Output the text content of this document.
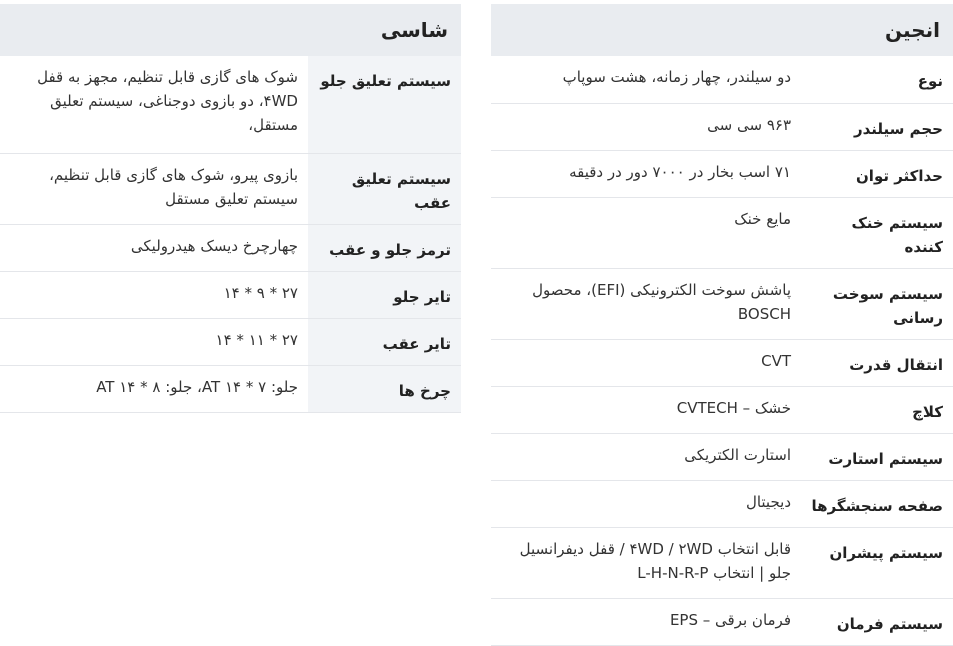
انجین
نوع	دو سیلندر، چهار زمانه، هشت سوپاپ
حجم سیلندر	۹۶۳ سی سی
حداکثر توان	۷۱ اسب بخار در ۷۰۰۰ دور در دقیقه
سیستم خنک کننده	مایع خنک
سیستم سوخت رسانی	پاشش سوخت الکترونیکی (EFI)، محصول BOSCH
انتقال قدرت	CVT
کلاچ	خشک – CVTECH
سیستم استارت	استارت الکتریکی
صفحه سنجشگرها	دیجیتال
سیستم پیشران	قابل انتخاب ۴WD / ۲WD / قفل دیفرانسیل جلو | انتخاب L-H-N-R-P
سیستم فرمان	فرمان برقی – EPS
شاسی
سیستم تعلیق جلو	شوک های گازی قابل تنظیم، مجهز به قفل ۴WD، دو بازوی دوجناغی، سیستم تعلیق مستقل،
سیستم تعلیق عقب	بازوی پیرو، شوک های گازی قابل تنظیم، سیستم تعلیق مستقل
ترمز جلو و عقب	چهارچرخ دیسک هیدرولیکی
تایر جلو	۲۷ * ۹ * ۱۴
تایر عقب	۲۷ * ۱۱ * ۱۴
چرخ ها	جلو: ۷ * ۱۴ AT، جلو: ۸ * ۱۴ AT
